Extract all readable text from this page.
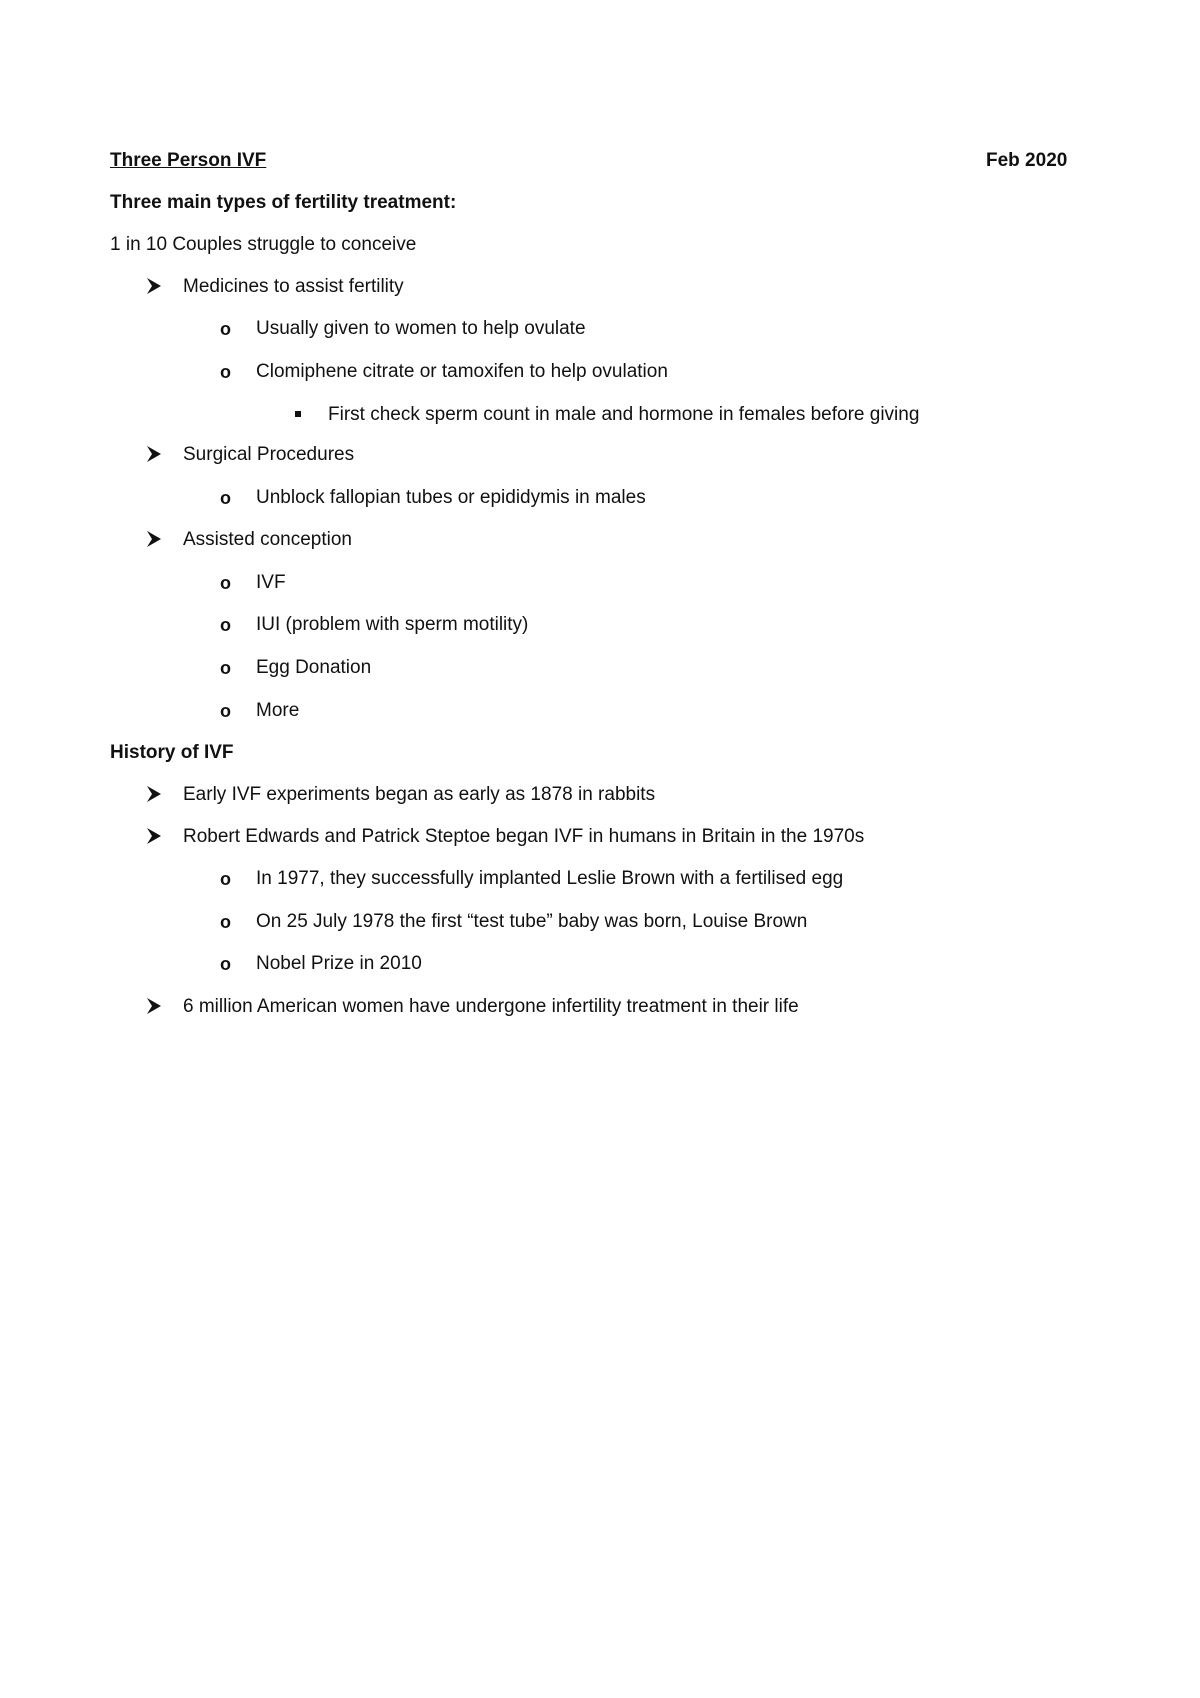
Three Person IVF	Feb 2020
Three main types of fertility treatment:
1 in 10 Couples struggle to conceive
Medicines to assist fertility
o Usually given to women to help ovulate
o Clomiphene citrate or tamoxifen to help ovulation
First check sperm count in male and hormone in females before giving
Surgical Procedures
o Unblock fallopian tubes or epididymis in males
Assisted conception
o IVF
o IUI (problem with sperm motility)
o Egg Donation
o More
History of IVF
Early IVF experiments began as early as 1878 in rabbits
Robert Edwards and Patrick Steptoe began IVF in humans in Britain in the 1970s
o In 1977, they successfully implanted Leslie Brown with a fertilised egg
o On 25 July 1978 the first “test tube” baby was born, Louise Brown
o Nobel Prize in 2010
6 million American women have undergone infertility treatment in their life
